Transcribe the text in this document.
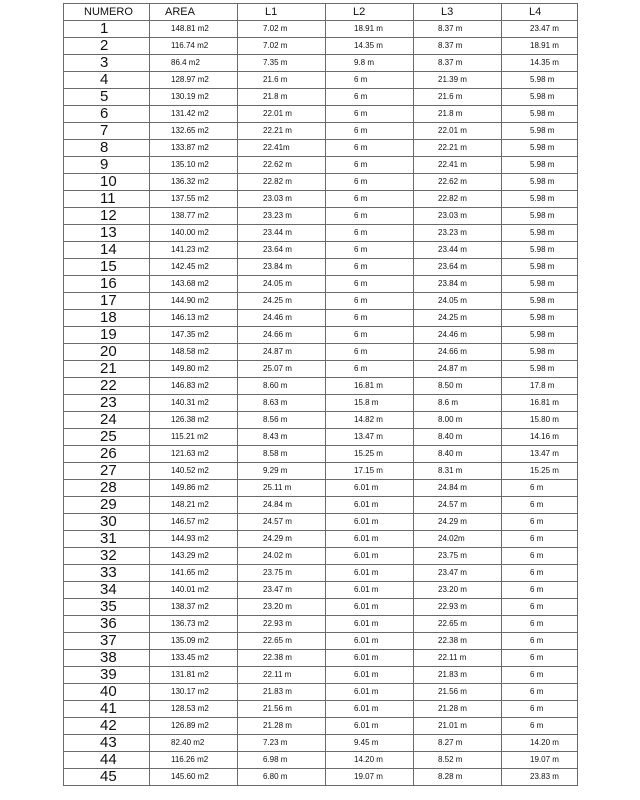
NUMERO	AREA	L1	L2	L3	L4
1	148.81 m2	7.02 m	18.91 m	8.37 m	23.47 m
2	116.74 m2	7.02 m	14.35 m	8.37 m	18.91 m
3	86.4 m2	7.35 m	9.8 m	8.37 m	14.35 m
4	128.97 m2	21.6 m	6 m	21.39 m	5.98 m
5	130.19 m2	21.8 m	6 m	21.6 m	5.98 m
6	131.42 m2	22.01 m	6 m	21.8 m	5.98 m
7	132.65 m2	22.21 m	6 m	22.01 m	5.98 m
8	133.87 m2	22.41m	6 m	22.21 m	5.98 m
9	135.10 m2	22.62 m	6 m	22.41 m	5.98 m
10	136.32 m2	22.82 m	6 m	22.62 m	5.98 m
11	137.55 m2	23.03 m	6 m	22.82 m	5.98 m
12	138.77 m2	23.23 m	6 m	23.03 m	5.98 m
13	140.00 m2	23.44 m	6 m	23.23 m	5.98 m
14	141.23 m2	23.64 m	6 m	23.44 m	5.98 m
15	142.45 m2	23.84 m	6 m	23.64 m	5.98 m
16	143.68 m2	24.05 m	6 m	23.84 m	5.98 m
17	144.90 m2	24.25 m	6 m	24.05 m	5.98 m
18	146.13 m2	24.46 m	6 m	24.25 m	5.98 m
19	147.35 m2	24.66 m	6 m	24.46 m	5.98 m
20	148.58 m2	24.87 m	6 m	24.66 m	5.98 m
21	149.80 m2	25.07 m	6 m	24.87 m	5.98 m
22	146.83 m2	8.60 m	16.81 m	8.50 m	17.8 m
23	140.31 m2	8.63 m	15.8 m	8.6 m	16.81 m
24	126.38 m2	8.56 m	14.82 m	8.00 m	15.80 m
25	115.21 m2	8.43 m	13.47 m	8.40 m	14.16 m
26	121.63 m2	8.58 m	15.25 m	8.40 m	13.47 m
27	140.52 m2	9.29 m	17.15 m	8.31 m	15.25 m
28	149.86 m2	25.11 m	6.01 m	24.84 m	6 m
29	148.21 m2	24.84 m	6.01 m	24.57 m	6 m
30	146.57 m2	24.57 m	6.01 m	24.29 m	6 m
31	144.93 m2	24.29 m	6.01 m	24.02m	6 m
32	143.29 m2	24.02 m	6.01 m	23.75 m	6 m
33	141.65 m2	23.75 m	6.01 m	23.47 m	6 m
34	140.01 m2	23.47 m	6.01 m	23.20 m	6 m
35	138.37 m2	23.20 m	6.01 m	22.93 m	6 m
36	136.73 m2	22.93 m	6.01 m	22.65 m	6 m
37	135.09 m2	22.65 m	6.01 m	22.38 m	6 m
38	133.45 m2	22.38 m	6.01 m	22.11 m	6 m
39	131.81 m2	22.11 m	6.01 m	21.83 m	6 m
40	130.17 m2	21.83 m	6.01 m	21.56 m	6 m
41	128.53 m2	21.56 m	6.01 m	21.28 m	6 m
42	126.89 m2	21.28 m	6.01 m	21.01 m	6 m
43	82.40 m2	7.23 m	9.45 m	8.27 m	14.20 m
44	116.26 m2	6.98 m	14.20 m	8.52 m	19.07 m
45	145.60 m2	6.80 m	19.07 m	8.28 m	23.83 m
